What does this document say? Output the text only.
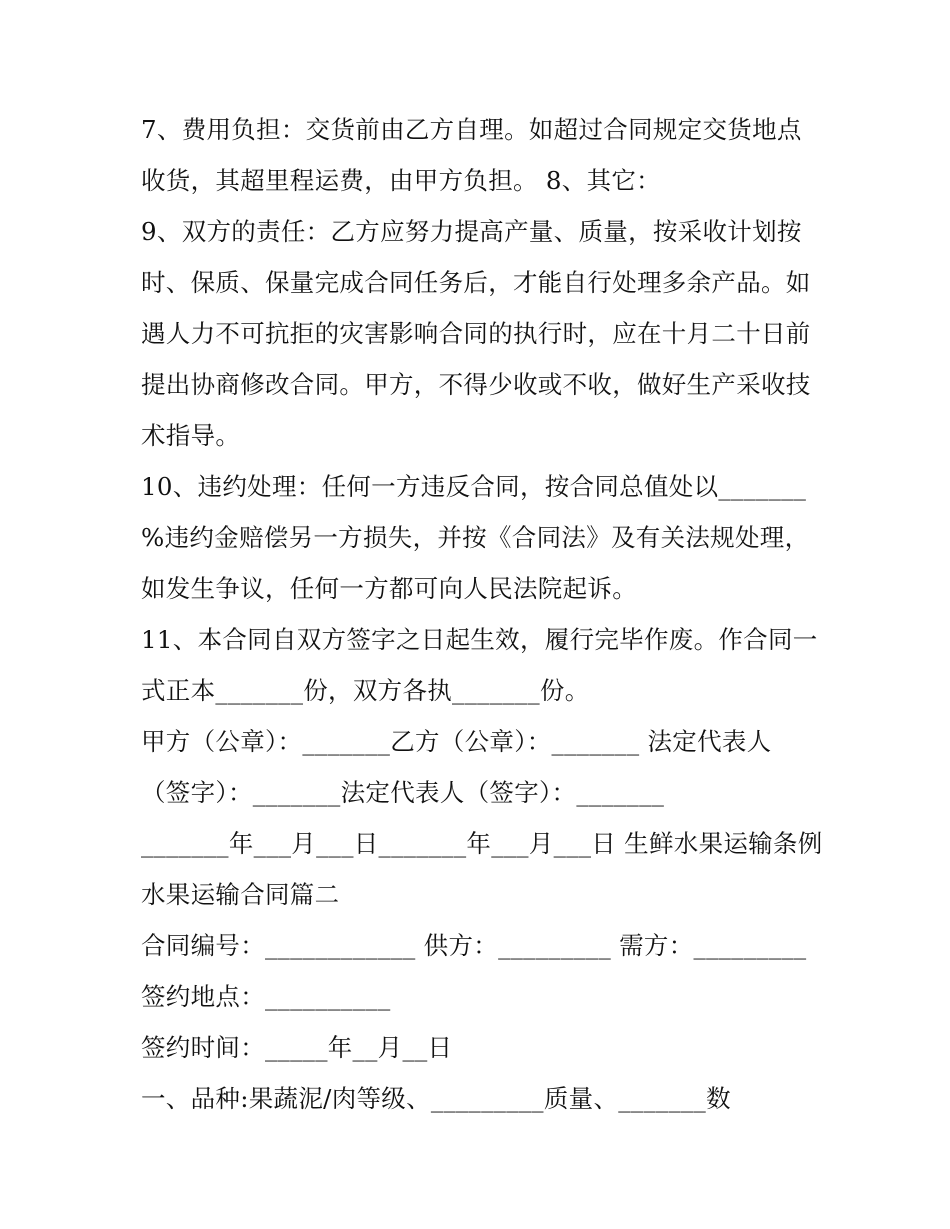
7、费用负担：交货前由乙方自理。如超过合同规定交货地点
收货，其超里程运费，由甲方负担。 8、其它：
9、双方的责任：乙方应努力提高产量、质量，按采收计划按
时、保质、保量完成合同任务后，才能自行处理多余产品。如
遇人力不可抗拒的灾害影响合同的执行时，应在十月二十日前
提出协商修改合同。甲方，不得少收或不收，做好生产采收技
术指导。
10、违约处理：任何一方违反合同，按合同总值处以_______
%违约金赔偿另一方损失，并按《合同法》及有关法规处理，
如发生争议，任何一方都可向人民法院起诉。
11、本合同自双方签字之日起生效，履行完毕作废。作合同一
式正本_______份，双方各执_______份。
甲方（公章）：_______乙方（公章）：_______ 法定代表人
（签字）：_______法定代表人（签字）：_______
_______年___月___日_______年___月___日 生鲜水果运输条例
水果运输合同篇二
合同编号：____________ 供方：_________ 需方：_________
签约地点：__________
签约时间：_____年__月__日
一、品种:果蔬泥/肉等级、_________质量、_______数
